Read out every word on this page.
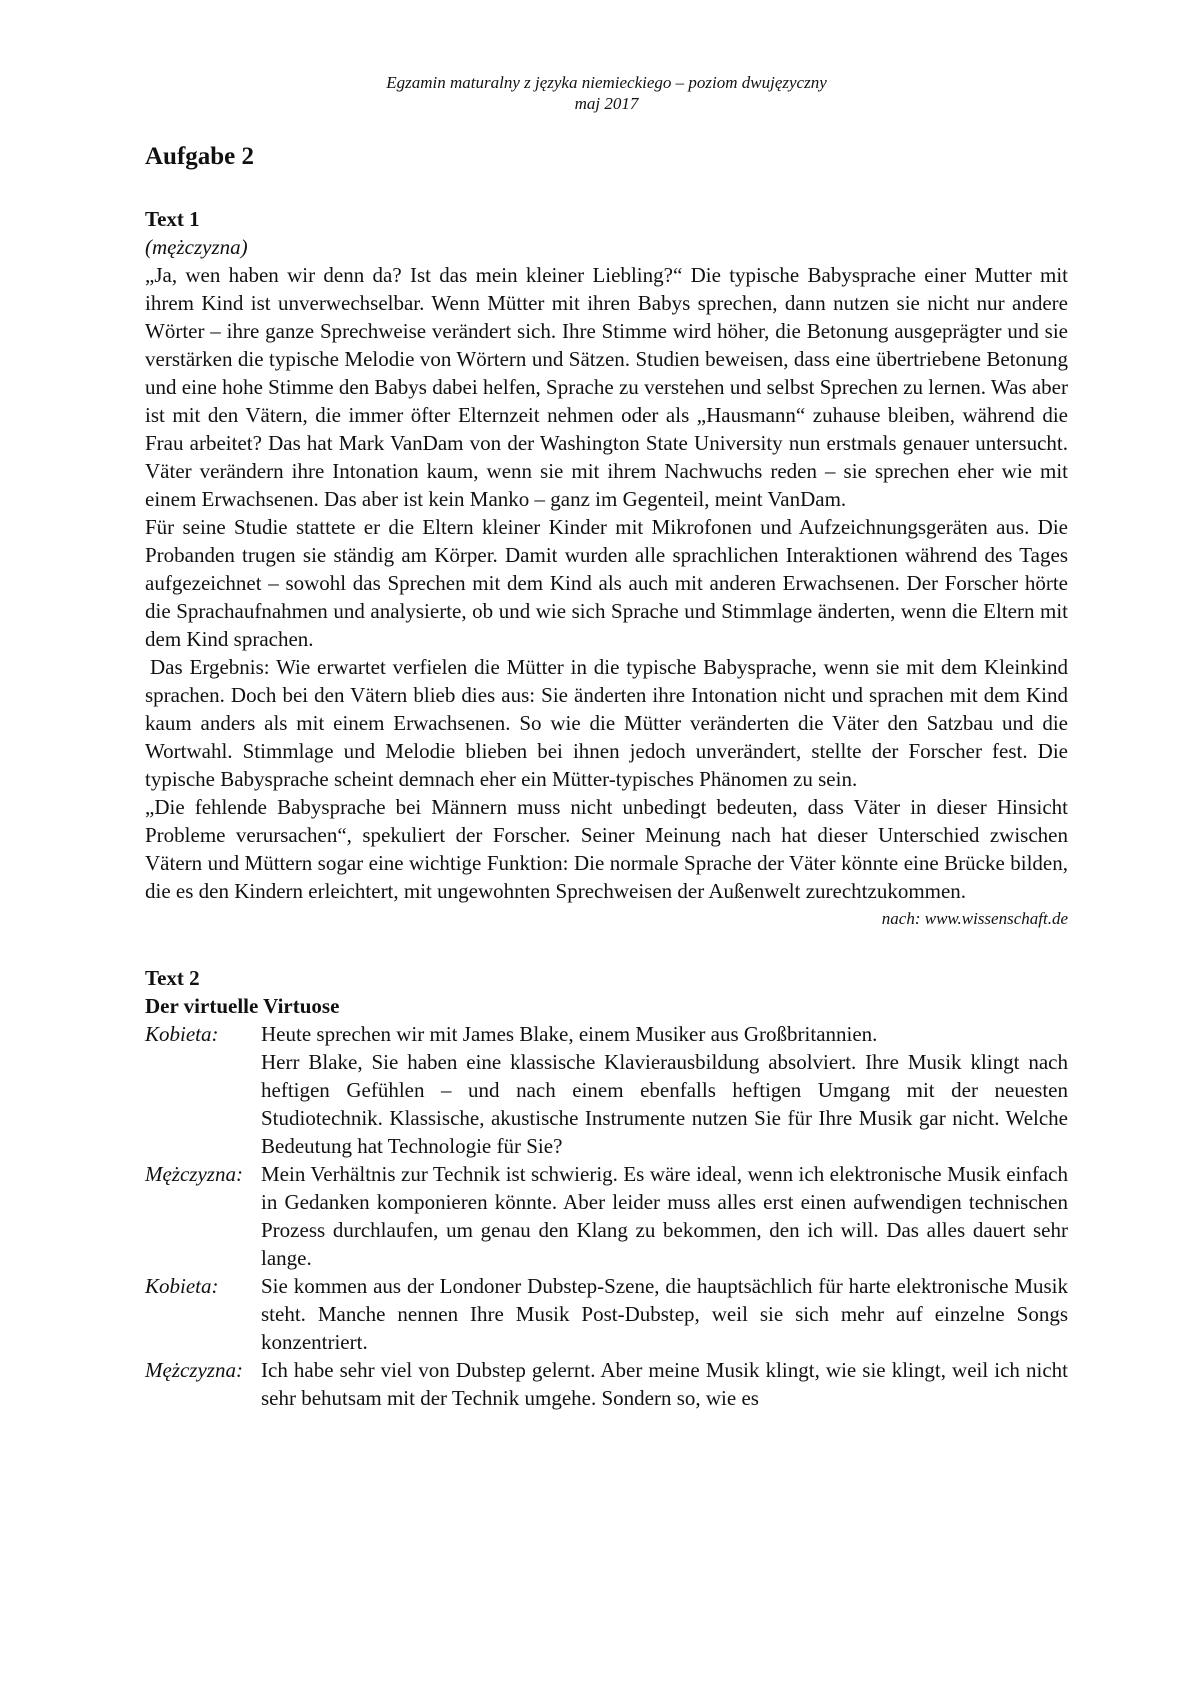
Egzamin maturalny z języka niemieckiego – poziom dwujęzyczny
maj 2017
Aufgabe 2
Text 1
(mężczyzna)

„Ja, wen haben wir denn da? Ist das mein kleiner Liebling?“ Die typische Babysprache einer Mutter mit ihrem Kind ist unverwechselbar. Wenn Mütter mit ihren Babys sprechen, dann nutzen sie nicht nur andere Wörter – ihre ganze Sprechweise verändert sich. Ihre Stimme wird höher, die Betonung ausgeprägter und sie verstärken die typische Melodie von Wörtern und Sätzen. Studien beweisen, dass eine übertriebene Betonung und eine hohe Stimme den Babys dabei helfen, Sprache zu verstehen und selbst Sprechen zu lernen. Was aber ist mit den Vätern, die immer öfter Elternzeit nehmen oder als „Hausmann“ zuhause bleiben, während die Frau arbeitet? Das hat Mark VanDam von der Washington State University nun erstmals genauer untersucht. Väter verändern ihre Intonation kaum, wenn sie mit ihrem Nachwuchs reden – sie sprechen eher wie mit einem Erwachsenen. Das aber ist kein Manko – ganz im Gegenteil, meint VanDam.

Für seine Studie stattete er die Eltern kleiner Kinder mit Mikrofonen und Aufzeichnungsgeräten aus. Die Probanden trugen sie ständig am Körper. Damit wurden alle sprachlichen Interaktionen während des Tages aufgezeichnet – sowohl das Sprechen mit dem Kind als auch mit anderen Erwachsenen. Der Forscher hörte die Sprachaufnahmen und analysierte, ob und wie sich Sprache und Stimmlage änderten, wenn die Eltern mit dem Kind sprachen.

Das Ergebnis: Wie erwartet verfielen die Mütter in die typische Babysprache, wenn sie mit dem Kleinkind sprachen. Doch bei den Vätern blieb dies aus: Sie änderten ihre Intonation nicht und sprachen mit dem Kind kaum anders als mit einem Erwachsenen. So wie die Mütter veränderten die Väter den Satzbau und die Wortwahl. Stimmlage und Melodie blieben bei ihnen jedoch unverändert, stellte der Forscher fest. Die typische Babysprache scheint demnach eher ein Mütter-typisches Phänomen zu sein.

„Die fehlende Babysprache bei Männern muss nicht unbedingt bedeuten, dass Väter in dieser Hinsicht Probleme verursachen“, spekuliert der Forscher. Seiner Meinung nach hat dieser Unterschied zwischen Vätern und Müttern sogar eine wichtige Funktion: Die normale Sprache der Väter könnte eine Brücke bilden, die es den Kindern erleichtert, mit ungewohnten Sprechweisen der Außenwelt zurechtzukommen.

nach: www.wissenschaft.de
Text 2
Der virtuelle Virtuose
Kobieta:	Heute sprechen wir mit James Blake, einem Musiker aus Großbritannien.

Herr Blake, Sie haben eine klassische Klavierausbildung absolviert. Ihre Musik klingt nach heftigen Gefühlen – und nach einem ebenfalls heftigen Umgang mit der neuesten Studiotechnik. Klassische, akustische Instrumente nutzen Sie für Ihre Musik gar nicht. Welche Bedeutung hat Technologie für Sie?

Mężczyzna: Mein Verhältnis zur Technik ist schwierig. Es wäre ideal, wenn ich elektronische Musik einfach in Gedanken komponieren könnte. Aber leider muss alles erst einen aufwendigen technischen Prozess durchlaufen, um genau den Klang zu bekommen, den ich will. Das alles dauert sehr lange.

Kobieta:	Sie kommen aus der Londoner Dubstep-Szene, die hauptsächlich für harte elektronische Musik steht. Manche nennen Ihre Musik Post-Dubstep, weil sie sich mehr auf einzelne Songs konzentriert.

Mężczyzna: Ich habe sehr viel von Dubstep gelernt. Aber meine Musik klingt, wie sie klingt, weil ich nicht sehr behutsam mit der Technik umgehe. Sondern so, wie es
